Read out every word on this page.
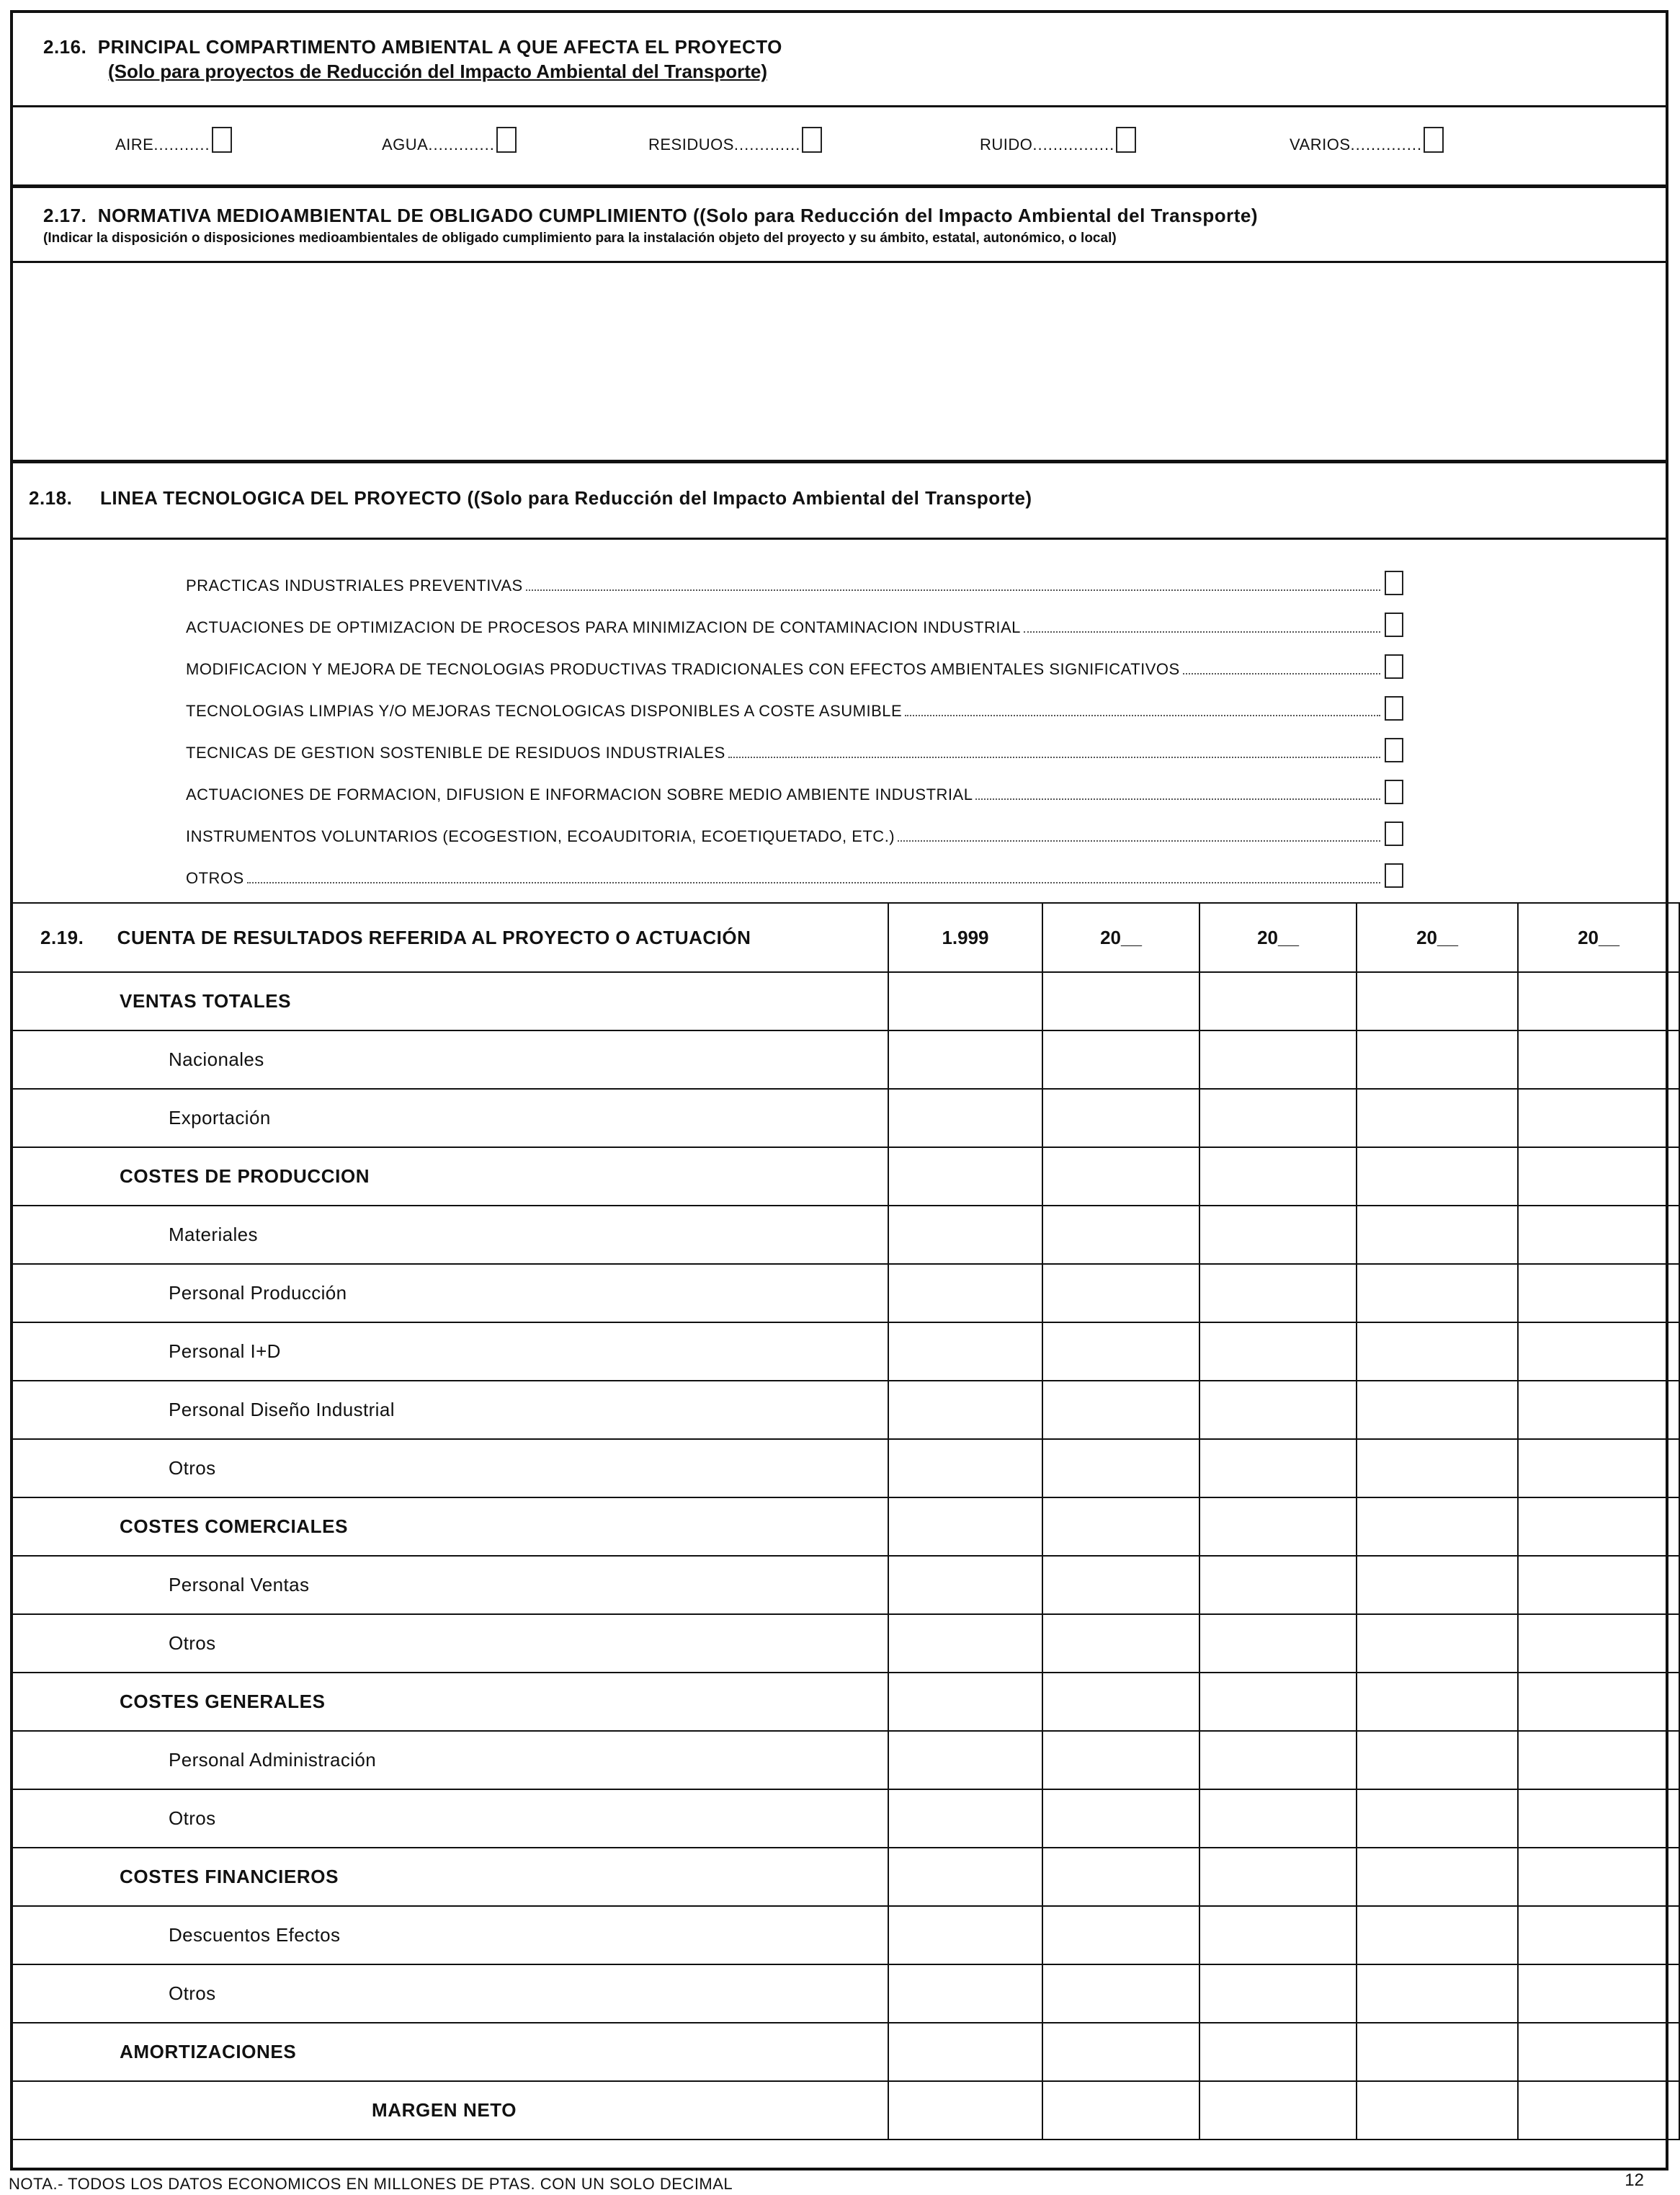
2.16. PRINCIPAL COMPARTIMENTO AMBIENTAL A QUE AFECTA EL PROYECTO
(Solo para proyectos de Reducción del Impacto Ambiental del Transporte)
AIRE...........	AGUA.............	RESIDUOS.............	RUIDO................	VARIOS..............
2.17. NORMATIVA MEDIOAMBIENTAL DE OBLIGADO CUMPLIMIENTO ((Solo para Reducción del Impacto Ambiental del Transporte)
(Indicar la disposición o disposiciones medioambientales de obligado cumplimiento para la instalación objeto del proyecto y su ámbito, estatal, autonómico, o local)
2.18. LINEA TECNOLOGICA DEL PROYECTO ((Solo para Reducción del Impacto Ambiental del Transporte)
PRACTICAS INDUSTRIALES PREVENTIVAS
ACTUACIONES DE OPTIMIZACION DE PROCESOS PARA MINIMIZACION DE CONTAMINACION INDUSTRIAL
MODIFICACION Y MEJORA DE TECNOLOGIAS PRODUCTIVAS TRADICIONALES CON EFECTOS AMBIENTALES SIGNIFICATIVOS
TECNOLOGIAS LIMPIAS Y/O MEJORAS TECNOLOGICAS DISPONIBLES A COSTE ASUMIBLE
TECNICAS DE GESTION SOSTENIBLE DE RESIDUOS INDUSTRIALES
ACTUACIONES DE FORMACION, DIFUSION E INFORMACION SOBRE MEDIO AMBIENTE INDUSTRIAL
INSTRUMENTOS VOLUNTARIOS (ECOGESTION, ECOAUDITORIA, ECOETIQUETADO, ETC.)
OTROS
2.19. CUENTA DE RESULTADOS REFERIDA AL PROYECTO O ACTUACIÓN	1.999	20__	20__	20__	20__
VENTAS TOTALES					
Nacionales					
Exportación					
COSTES DE PRODUCCION					
Materiales					
Personal Producción					
Personal I+D					
Personal Diseño Industrial					
Otros					
COSTES COMERCIALES					
Personal Ventas					
Otros					
COSTES GENERALES					
Personal Administración					
Otros					
COSTES FINANCIEROS					
Descuentos Efectos					
Otros					
AMORTIZACIONES					
MARGEN NETO					
NOTA.- TODOS LOS DATOS ECONOMICOS EN MILLONES DE PTAS. CON UN SOLO DECIMAL	12
